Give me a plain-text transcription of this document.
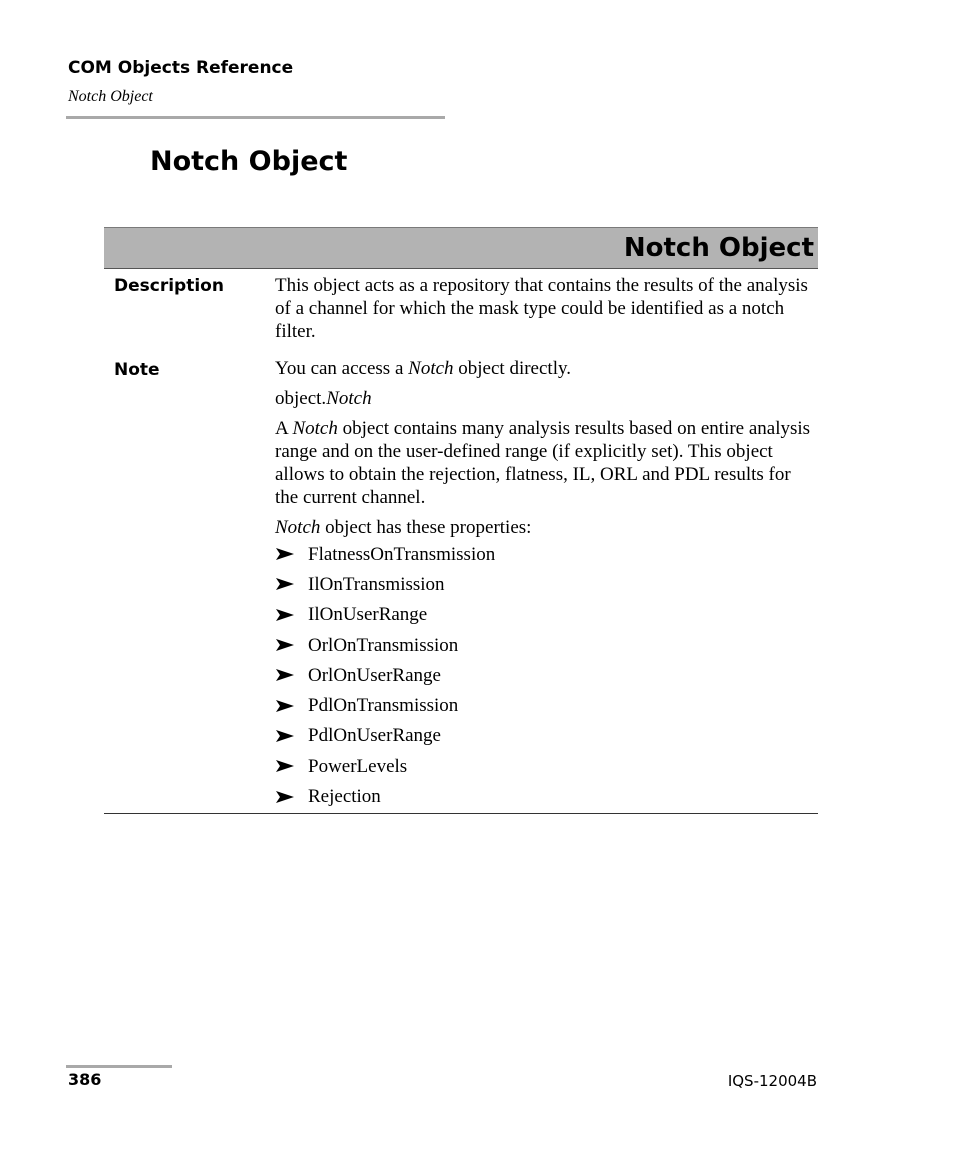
COM Objects Reference
Notch Object
Notch Object
Notch Object
Description	This object acts as a repository that contains the results of the analysis of a channel for which the mask type could be identified as a notch filter.

Note	You can access a Notch object directly.

object.Notch

A Notch object contains many analysis results based on entire analysis range and on the user-defined range (if explicitly set). This object allows to obtain the rejection, flatness, IL, ORL and PDL results for the current channel.

Notch object has these properties:

FlatnessOnTransmission
IlOnTransmission
IlOnUserRange
OrlOnTransmission
OrlOnUserRange
PdlOnTransmission
PdlOnUserRange
PowerLevels
Rejection
386	IQS-12004B
